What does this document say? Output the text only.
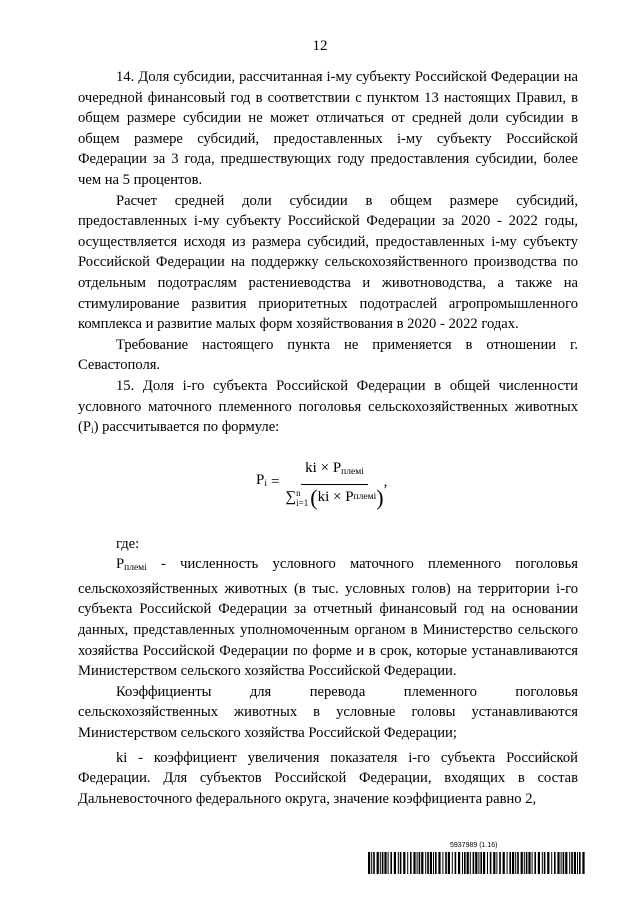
12

14. Доля субсидии, рассчитанная i-му субъекту Российской Федерации на очередной финансовый год в соответствии с пунктом 13 настоящих Правил, в общем размере субсидии не может отличаться от средней доли субсидии в общем размере субсидий, предоставленных i-му субъекту Российской Федерации за 3 года, предшествующих году предоставления субсидии, более чем на 5 процентов.

Расчет средней доли субсидии в общем размере субсидий, предоставленных i-му субъекту Российской Федерации за 2020 - 2022 годы, осуществляется исходя из размера субсидий, предоставленных i-му субъекту Российской Федерации на поддержку сельскохозяйственного производства по отдельным подотраслям растениеводства и животноводства, а также на стимулирование развития приоритетных подотраслей агропромышленного комплекса и развитие малых форм хозяйствования в 2020 - 2022 годах.

Требование настоящего пункта не применяется в отношении г. Севастополя.

15. Доля i-го субъекта Российской Федерации в общей численности условного маточного племенного поголовья сельскохозяйственных животных $(P_i)$ рассчитывается по формуле:

$P_i$ = ki × $P_{племi}$
∑ n
i=1 ( ki
×
P племi ) ,

где:

$P_{племi}$ - численность условного маточного племенного поголовья сельскохозяйственных животных (в тыс. условных голов) на территории i-го субъекта Российской Федерации за отчетный финансовый год на основании данных, представленных уполномоченным органом в Министерство сельского хозяйства Российской Федерации по форме и в срок, которые устанавливаются Министерством сельского хозяйства Российской Федерации.

Коэффициенты для перевода племенного поголовья сельскохозяйственных животных в условные головы устанавливаются Министерством сельского хозяйства Российской Федерации;

ki - коэффициент увеличения показателя i-го субъекта Российской Федерации. Для субъектов Российской Федерации, входящих в состав Дальневосточного федерального округа, значение коэффициента равно 2,

5937989 (1.16)
